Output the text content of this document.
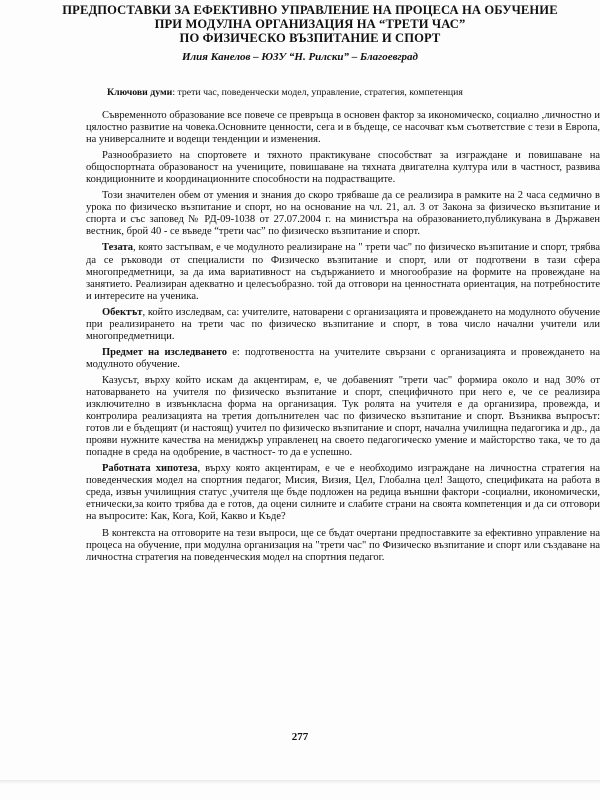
ПРЕДПОСТАВКИ ЗА ЕФЕКТИВНО УПРАВЛЕНИЕ НА ПРОЦЕСА НА ОБУЧЕНИЕ
ПРИ МОДУЛНА ОРГАНИЗАЦИЯ НА “ТРЕТИ ЧАС”
ПО ФИЗИЧЕСКО ВЪЗПИТАНИЕ И СПОРТ
Илия Канелов – ЮЗУ “Н. Рилски” – Благоевград
Ключови думи: трети час, поведенчески модел, управление, стратегия, компетенция

Съвременното образование все повече се превръща в основен фактор за икономическо, социално ,личностно и цялостно развитие на човека.Основните ценности, сега и в бъдеще, се насочват към съответствие с тези в Европа, на универсалните и водещи тенденции и изменения.

Разнообразието на спортовете и тяхното практикуване способстват за изграждане и повишаване на общоспортната образованост на учениците, повишаване на тяхната двигателна култура или в частност, развива кондиционните и координационните способности на подрастващите.

Този значителен обем от умения и знания до скоро трябваше да се реализира в рамките на 2 часа седмично в урока по физическо възпитание и спорт, но на основание на чл. 21, ал. 3 от Закона за физическо възпитание и спорта и със заповед № РД-09-1038 от 27.07.2004 г. на министъра на образованието,публикувана в Държавен вестник, брой 40 - се въведе “трети час” по физическо възпитание и спорт.

Тезата, която застъпвам, е че модулното реализиране на " трети час" по физическо възпитание и спорт, трябва да се ръководи от специалисти по Физическо възпитание и спорт, или от подготвени в тази сфера многопредметници, за да има вариативност на съдържанието и многообразие на формите на провеждане на занятието. Реализиран адекватно и целесъобразно. той да отговори на ценностната ориентация, на потребностите и интересите на ученика.

Обектът, който изследвам, са: учителите, натоварени с организацията и провеждането на модулното обучение при реализирането на трети час по физическо възпитание и спорт, в това число начални учители или многопредметници.

Предмет на изследването е: подготвеността на учителите свързани с организацията и провеждането на модулното обучение.

Казусът, върху който искам да акцентирам, е, че добавеният "трети час" формира около и над 30% от натоварването на учителя по физическо възпитание и спорт, специфичното при него е, че се реализира изключително в извънкласна форма на организация. Тук ролята на учителя е да организира, провежда, и контролира реализацията на третия допълнителен час по физическо възпитание и спорт. Възниква въпросът: готов ли е бъдещият (и настоящ) учител по физическо възпитание и спорт, начална училищна педагогика и др., да прояви нужните качества на мениджър управленец на своето педагогическо умение и майсторство така, че то да попадне в среда на одобрение, в частност- то да е успешно.

Работната хипотеза, върху която акцентирам, е че е необходимо изграждане на личностна стратегия на поведенческия модел на спортния педагог, Мисия, Визия, Цел, Глобална цел! Защото, спецификата на работа в среда, извън училищния статус ,учителя ще бъде подложен на редица външни фактори -социални, икономически, етнически,за които трябва да е готов, да оцени силните и слабите страни на своята компетенция и да си отговори на въпросите: Как, Кога, Кой, Какво и Къде?

В контекста на отговорите на тези въпроси, ще се бъдат очертани предпоставките за ефективно управление на процеса на обучение, при модулна организация на "трети час" по Физическо възпитание и спорт или създаване на личностна стратегия на поведенческия модел на спортния педагог.

277
